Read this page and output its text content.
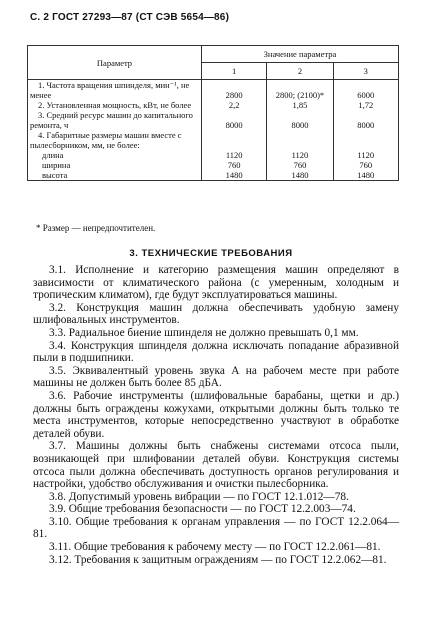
С. 2 ГОСТ 27293—87 (СТ СЭВ 5654—86)
Параметр	Значение параметра		
	1	2	3
1. Частота вращения шпинделя, мин⁻¹, не менее	2800	2800; (2100)*	6000
2. Установленная мощность, кВт, не более	2,2	1,85	1,72
3. Средний ресурс машин до капитального ремонта, ч	8000	8000	8000
4. Габаритные размеры машин вместе с пылесборником, мм, не более:			
длина	1120	1120	1120
ширина	760	760	760
высота	1480	1480	1480
* Размер — непредпочтителен.
3. ТЕХНИЧЕСКИЕ ТРЕБОВАНИЯ

3.1. Исполнение и категорию размещения машин определяют в зависимости от климатического района (с умеренным, холодным и тропическим климатом), где будут эксплуатироваться машины.

3.2. Конструкция машин должна обеспечивать удобную замену шлифовальных инструментов.

3.3. Радиальное биение шпинделя не должно превышать 0,1 мм.

3.4. Конструкция шпинделя должна исключать попадание абразивной пыли в подшипники.

3.5. Эквивалентный уровень звука А на рабочем месте при работе машины не должен быть более 85 дБА.

3.6. Рабочие инструменты (шлифовальные барабаны, щетки и др.) должны быть ограждены кожухами, открытыми должны быть только те места инструментов, которые непосредственно участвуют в обработке деталей обуви.

3.7. Машины должны быть снабжены системами отсоса пыли, возникающей при шлифовании деталей обуви. Конструкция системы отсоса пыли должна обеспечивать доступность органов регулирования и настройки, удобство обслуживания и очистки пылесборника.

3.8. Допустимый уровень вибрации — по ГОСТ 12.1.012—78.

3.9. Общие требования безопасности — по ГОСТ 12.2.003—74.

3.10. Общие требования к органам управления — по ГОСТ 12.2.064—81.

3.11. Общие требования к рабочему месту — по ГОСТ 12.2.061—81.

3.12. Требования к защитным ограждениям — по ГОСТ 12.2.062—81.
